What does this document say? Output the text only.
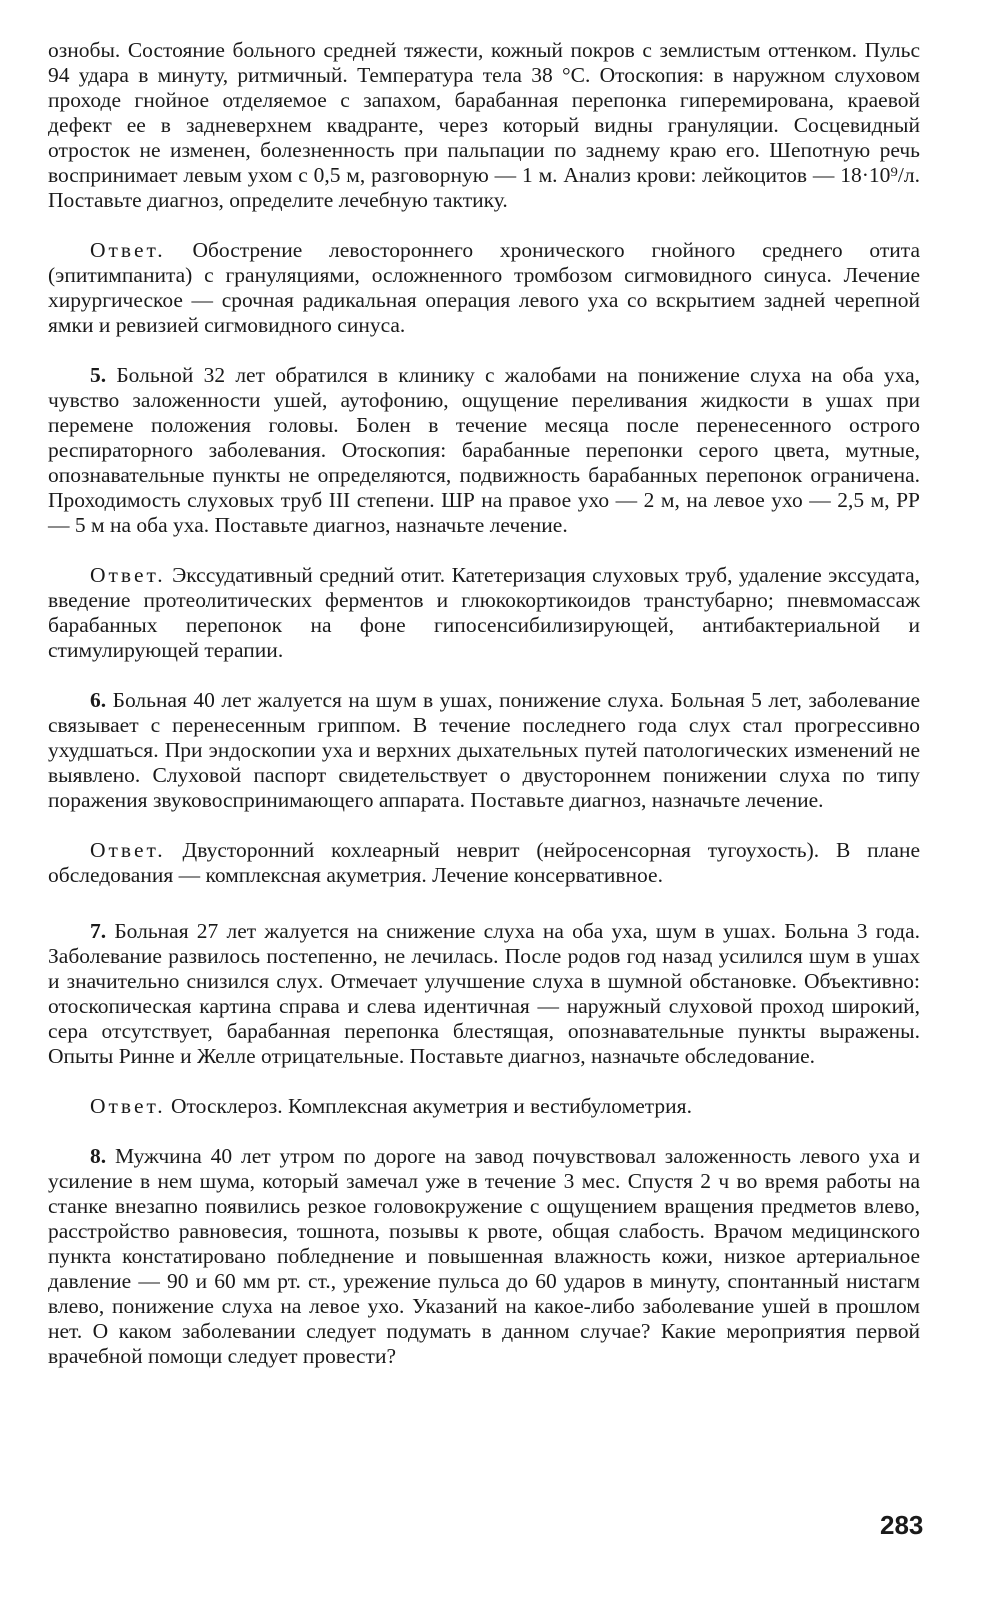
ознобы. Состояние больного средней тяжести, кожный покров с землистым оттенком. Пульс 94 удара в минуту, ритмичный. Температура тела 38 °С. Отоскопия: в наружном слуховом проходе гнойное отделяемое с запахом, барабанная перепонка гиперемирована, краевой дефект ее в задневерхнем квадранте, через который видны грануляции. Сосцевидный отросток не изменен, болезненность при пальпации по заднему краю его. Шепотную речь воспринимает левым ухом с 0,5 м, разговорную — 1 м. Анализ крови: лейкоцитов — 18·10⁹/л. Поставьте диагноз, определите лечебную тактику.

Ответ. Обострение левостороннего хронического гнойного среднего отита (эпитимпанита) с грануляциями, осложненного тромбозом сигмовидного синуса. Лечение хирургическое — срочная радикальная операция левого уха со вскрытием задней черепной ямки и ревизией сигмовидного синуса.

5. Больной 32 лет обратился в клинику с жалобами на понижение слуха на оба уха, чувство заложенности ушей, аутофонию, ощущение переливания жидкости в ушах при перемене положения головы. Болен в течение месяца после перенесенного острого респираторного заболевания. Отоскопия: барабанные перепонки серого цвета, мутные, опознавательные пункты не определяются, подвижность барабанных перепонок ограничена. Проходимость слуховых труб III степени. ШР на правое ухо — 2 м, на левое ухо — 2,5 м, РР — 5 м на оба уха. Поставьте диагноз, назначьте лечение.

Ответ. Экссудативный средний отит. Катетеризация слуховых труб, удаление экссудата, введение протеолитических ферментов и глюкокортикоидов транстубарно; пневмомассаж барабанных перепонок на фоне гипосенсибилизирующей, антибактериальной и стимулирующей терапии.

6. Больная 40 лет жалуется на шум в ушах, понижение слуха. Больная 5 лет, заболевание связывает с перенесенным гриппом. В течение последнего года слух стал прогрессивно ухудшаться. При эндоскопии уха и верхних дыхательных путей патологических изменений не выявлено. Слуховой паспорт свидетельствует о двустороннем понижении слуха по типу поражения звуковоспринимающего аппарата. Поставьте диагноз, назначьте лечение.

Ответ. Двусторонний кохлеарный неврит (нейросенсорная тугоухость). В плане обследования — комплексная акуметрия. Лечение консервативное.

7. Больная 27 лет жалуется на снижение слуха на оба уха, шум в ушах. Больна 3 года. Заболевание развилось постепенно, не лечилась. После родов год назад усилился шум в ушах и значительно снизился слух. Отмечает улучшение слуха в шумной обстановке. Объективно: отоскопическая картина справа и слева идентичная — наружный слуховой проход широкий, сера отсутствует, барабанная перепонка блестящая, опознавательные пункты выражены. Опыты Ринне и Желле отрицательные. Поставьте диагноз, назначьте обследование.

Ответ. Отосклероз. Комплексная акуметрия и вестибулометрия.

8. Мужчина 40 лет утром по дороге на завод почувствовал заложенность левого уха и усиление в нем шума, который замечал уже в течение 3 мес. Спустя 2 ч во время работы на станке внезапно появились резкое головокружение с ощущением вращения предметов влево, расстройство равновесия, тошнота, позывы к рвоте, общая слабость. Врачом медицинского пункта констатировано побледнение и повышенная влажность кожи, низкое артериальное давление — 90 и 60 мм рт. ст., урежение пульса до 60 ударов в минуту, спонтанный нистагм влево, понижение слуха на левое ухо. Указаний на какое-либо заболевание ушей в прошлом нет. О каком заболевании следует подумать в данном случае? Какие мероприятия первой врачебной помощи следует провести?

283
